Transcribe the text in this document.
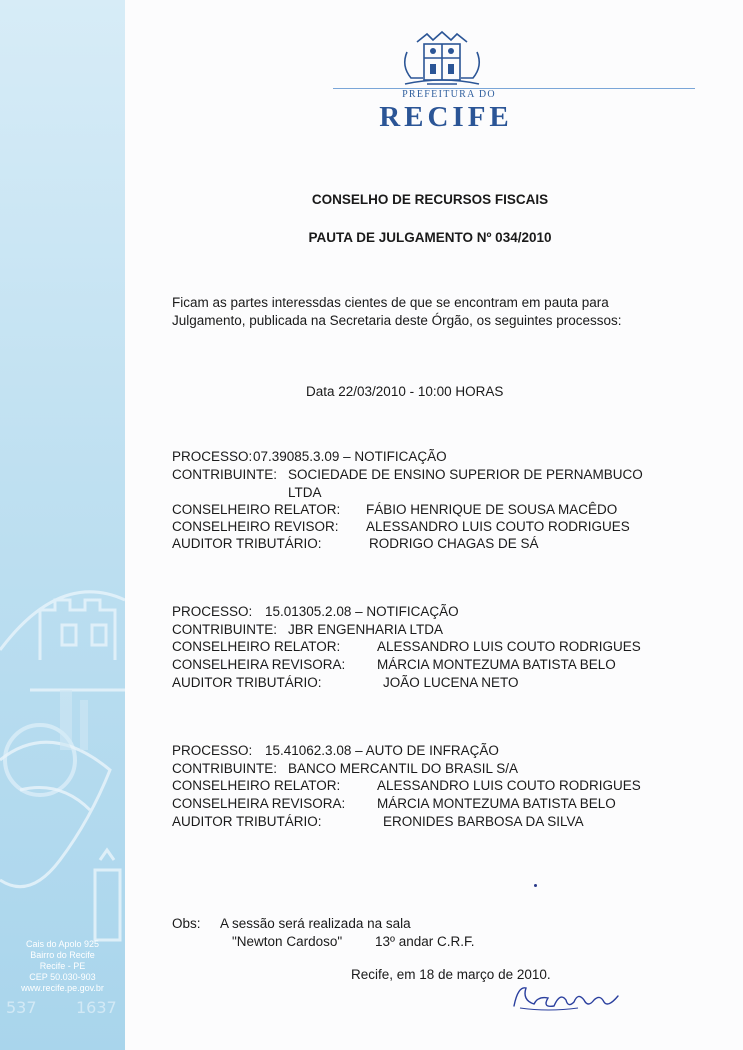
Cais do Apolo 925
Bairro do Recife
Recife - PE
CEP 50.030-903
www.recife.pe.gov.br
537 1637
PREFEITURA DO
RECIFE
CONSELHO DE RECURSOS FISCAIS
PAUTA DE JULGAMENTO Nº 034/2010
Ficam as partes interessdas cientes de que se encontram em pauta para
Julgamento, publicada na Secretaria deste Órgão, os seguintes processos:
Data 22/03/2010 - 10:00 HORAS
PROCESSO: 07.39085.3.09 – NOTIFICAÇÃO
CONTRIBUINTE: SOCIEDADE DE ENSINO SUPERIOR DE PERNAMBUCO
LTDA
CONSELHEIRO RELATOR: FÁBIO HENRIQUE DE SOUSA MACÊDO
CONSELHEIRO REVISOR: ALESSANDRO LUIS COUTO RODRIGUES
AUDITOR TRIBUTÁRIO:	RODRIGO CHAGAS DE SÁ
PROCESSO: 15.01305.2.08 – NOTIFICAÇÃO
CONTRIBUINTE: JBR ENGENHARIA LTDA
CONSELHEIRO RELATOR:	ALESSANDRO LUIS COUTO RODRIGUES
CONSELHEIRA REVISORA: MÁRCIA MONTEZUMA BATISTA BELO
AUDITOR TRIBUTÁRIO:	JOÃO LUCENA NETO
PROCESSO: 15.41062.3.08 – AUTO DE INFRAÇÃO
CONTRIBUINTE: BANCO MERCANTIL DO BRASIL S/A
CONSELHEIRO RELATOR:	ALESSANDRO LUIS COUTO RODRIGUES
CONSELHEIRA REVISORA: MÁRCIA MONTEZUMA BATISTA BELO
AUDITOR TRIBUTÁRIO:	ERONIDES BARBOSA DA SILVA
Obs: A sessão será realizada na sala
"Newton Cardoso" 13º andar C.R.F.
Recife, em 18 de março de 2010.
